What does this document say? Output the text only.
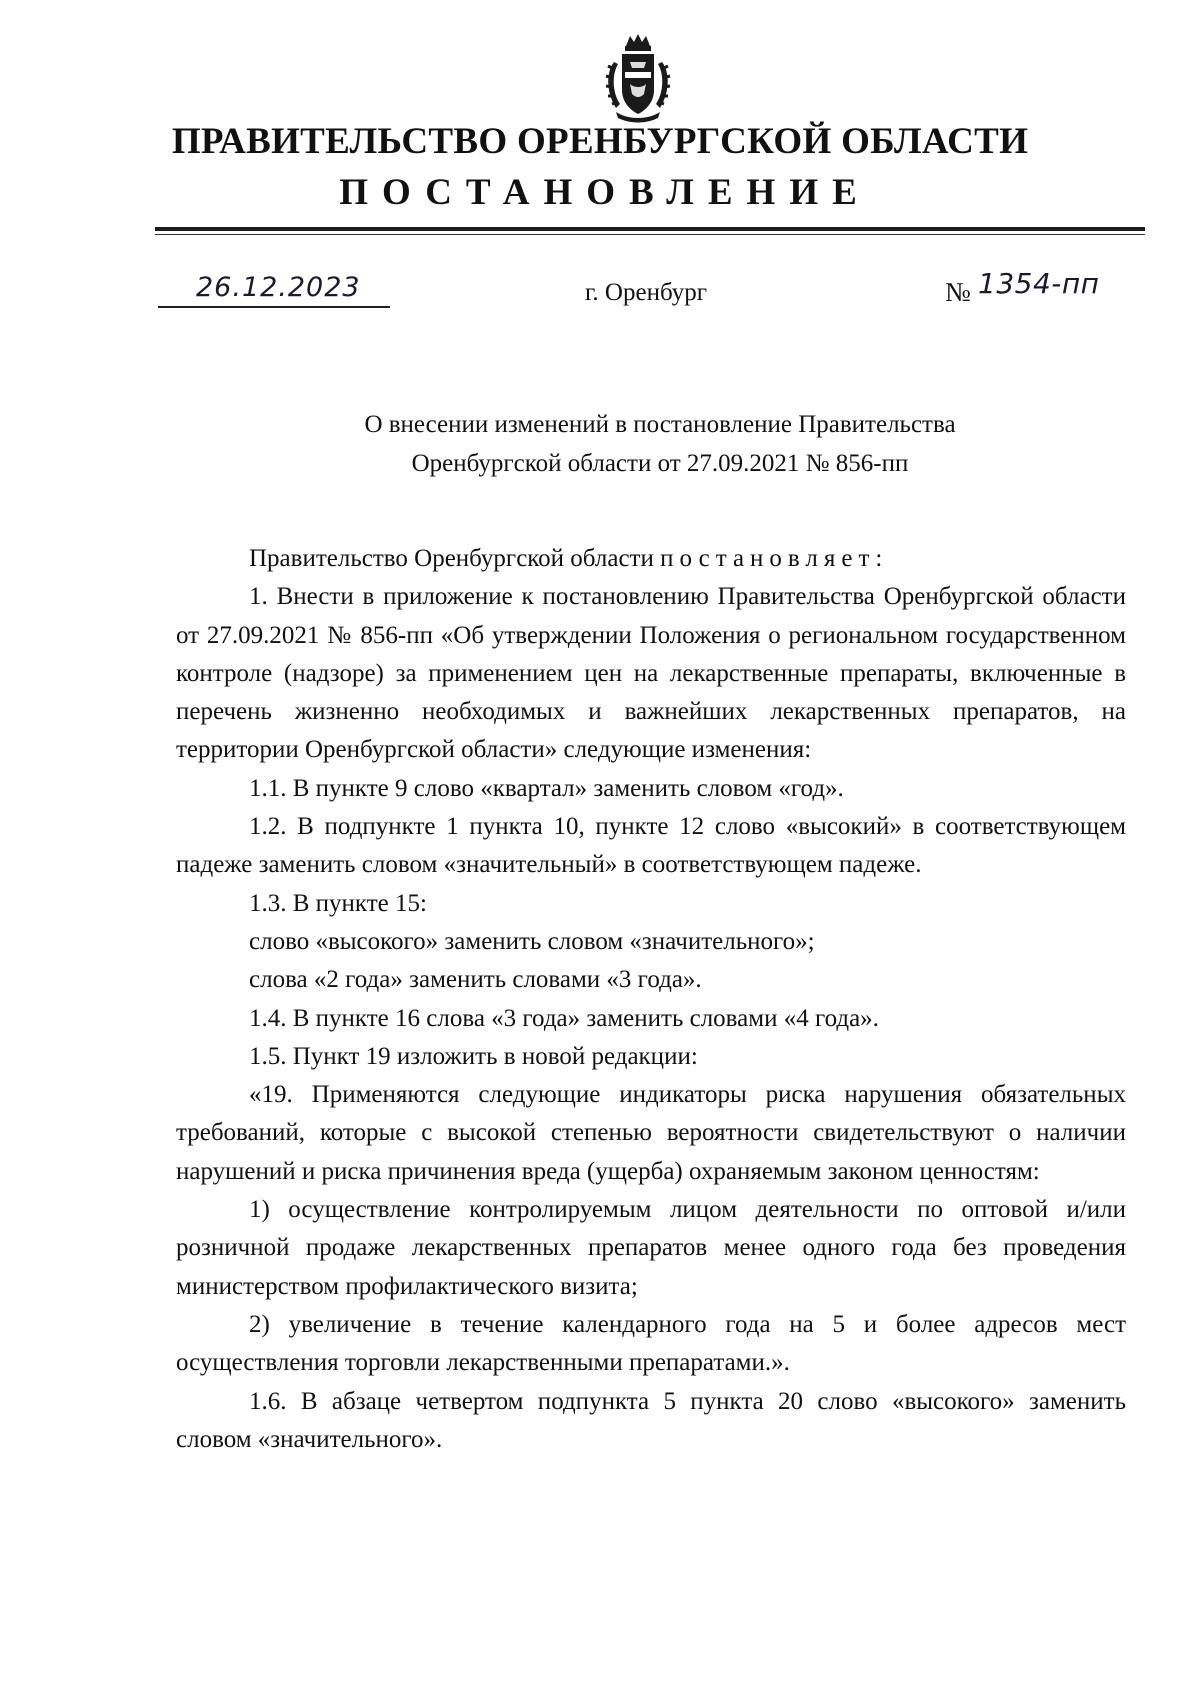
ПРАВИТЕЛЬСТВО ОРЕНБУРГСКОЙ ОБЛАСТИ
ПОСТАНОВЛЕНИЕ
26.12.2023	г. Оренбург	№ 1354-пп
О внесении изменений в постановление Правительства
Оренбургской области от 27.09.2021 № 856-пп

Правительство Оренбургской области постановляет:

1. Внести в приложение к постановлению Правительства Оренбургской области от 27.09.2021 № 856-пп «Об утверждении Положения о региональном государственном контроле (надзоре) за применением цен на лекарственные препараты, включенные в перечень жизненно необходимых и важнейших лекарственных препаратов, на территории Оренбургской области» следующие изменения:

1.1. В пункте 9 слово «квартал» заменить словом «год».

1.2. В подпункте 1 пункта 10, пункте 12 слово «высокий» в соответствующем падеже заменить словом «значительный» в соответствующем падеже.

1.3. В пункте 15:

слово «высокого» заменить словом «значительного»;

слова «2 года» заменить словами «3 года».

1.4. В пункте 16 слова «3 года» заменить словами «4 года».

1.5. Пункт 19 изложить в новой редакции:

«19. Применяются следующие индикаторы риска нарушения обязательных требований, которые с высокой степенью вероятности свидетельствуют о наличии нарушений и риска причинения вреда (ущерба) охраняемым законом ценностям:

1) осуществление контролируемым лицом деятельности по оптовой и/или розничной продаже лекарственных препаратов менее одного года без проведения министерством профилактического визита;

2) увеличение в течение календарного года на 5 и более адресов мест осуществления торговли лекарственными препаратами.».

1.6. В абзаце четвертом подпункта 5 пункта 20 слово «высокого» заменить словом «значительного».
